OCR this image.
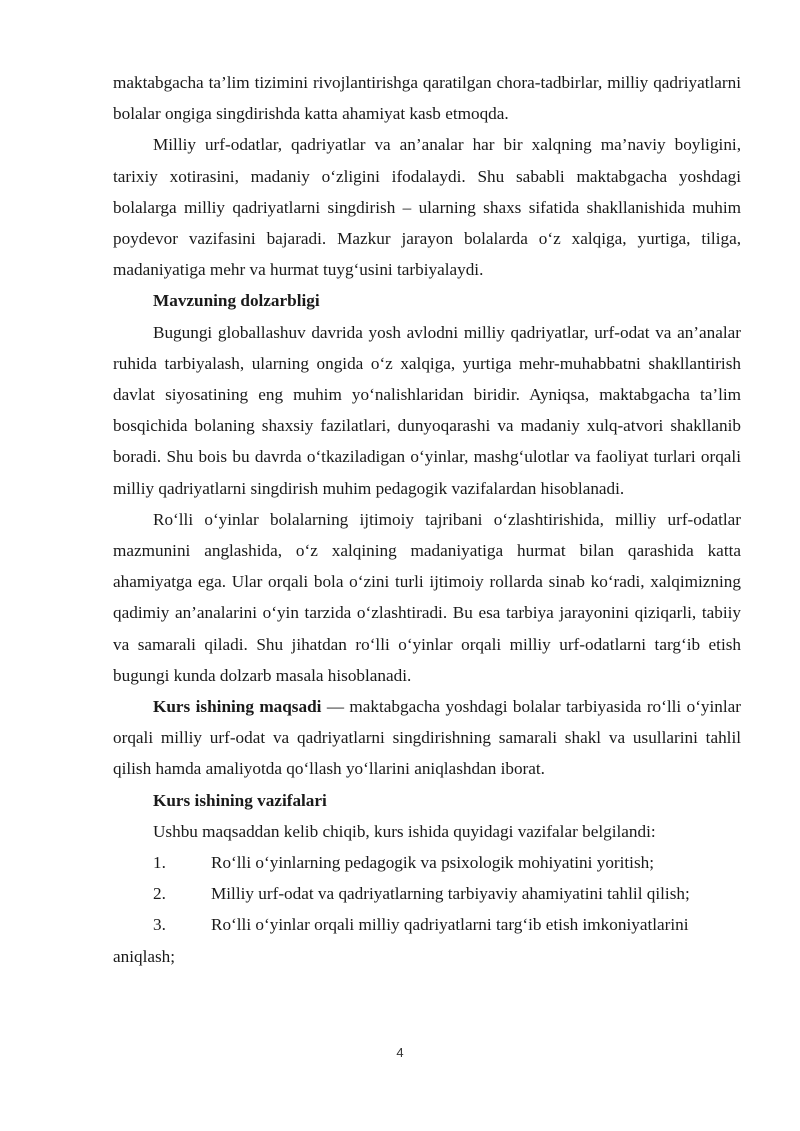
maktabgacha ta’lim tizimini rivojlantirishga qaratilgan chora-tadbirlar, milliy qadriyatlarni bolalar ongiga singdirishda katta ahamiyat kasb etmoqda.

Milliy urf-odatlar, qadriyatlar va an’analar har bir xalqning ma’naviy boyligini, tarixiy xotirasini, madaniy o‘zligini ifodalaydi. Shu sababli maktabgacha yoshdagi bolalarga milliy qadriyatlarni singdirish – ularning shaxs sifatida shakllanishida muhim poydevor vazifasini bajaradi. Mazkur jarayon bolalarda o‘z xalqiga, yurtiga, tiliga, madaniyatiga mehr va hurmat tuyg‘usini tarbiyalaydi.

Mavzuning dolzarbligi

Bugungi globallashuv davrida yosh avlodni milliy qadriyatlar, urf-odat va an’analar ruhida tarbiyalash, ularning ongida o‘z xalqiga, yurtiga mehr-muhabbatni shakllantirish davlat siyosatining eng muhim yo‘nalishlaridan biridir. Ayniqsa, maktabgacha ta’lim bosqichida bolaning shaxsiy fazilatlari, dunyoqarashi va madaniy xulq-atvori shakllanib boradi. Shu bois bu davrda o‘tkaziladigan o‘yinlar, mashg‘ulotlar va faoliyat turlari orqali milliy qadriyatlarni singdirish muhim pedagogik vazifalardan hisoblanadi.

Ro‘lli o‘yinlar bolalarning ijtimoiy tajribani o‘zlashtirishida, milliy urf-odatlar mazmunini anglashida, o‘z xalqining madaniyatiga hurmat bilan qarashida katta ahamiyatga ega. Ular orqali bola o‘zini turli ijtimoiy rollarda sinab ko‘radi, xalqimizning qadimiy an’analarini o‘yin tarzida o‘zlashtiradi. Bu esa tarbiya jarayonini qiziqarli, tabiiy va samarali qiladi. Shu jihatdan ro‘lli o‘yinlar orqali milliy urf-odatlarni targ‘ib etish bugungi kunda dolzarb masala hisoblanadi.

Kurs ishining maqsadi — maktabgacha yoshdagi bolalar tarbiyasida ro‘lli o‘yinlar orqali milliy urf-odat va qadriyatlarni singdirishning samarali shakl va usullarini tahlil qilish hamda amaliyotda qo‘llash yo‘llarini aniqlashdan iborat.

Kurs ishining vazifalari

Ushbu maqsaddan kelib chiqib, kurs ishida quyidagi vazifalar belgilandi:

1.	Ro‘lli o‘yinlarning pedagogik va psixologik mohiyatini yoritish;
2.	Milliy urf-odat va qadriyatlarning tarbiyaviy ahamiyatini tahlil qilish;
3.	Ro‘lli o‘yinlar orqali milliy qadriyatlarni targ‘ib etish imkoniyatlarini

aniqlash;

4
